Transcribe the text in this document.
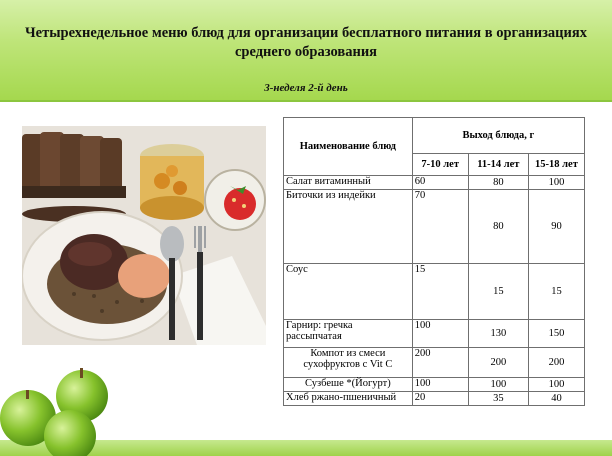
Четырехнедельное меню блюд для организации бесплатного питания в организациях среднего образования
3-неделя 2-й день
Наименование блюд	Выход блюда, г		
	7-10 лет	11-14 лет	15-18 лет
Салат витаминный	60	80	100
Биточки из индейки	70	80	90
Соус	15	15	15
Гарнир: гречка рассыпчатая	100	130	150
Компот из смеси сухофруктов с Vit C	200	200	200
Сузбеше *(Йогурт)	100	100	100
Хлеб ржано-пшеничный	20	35	40
